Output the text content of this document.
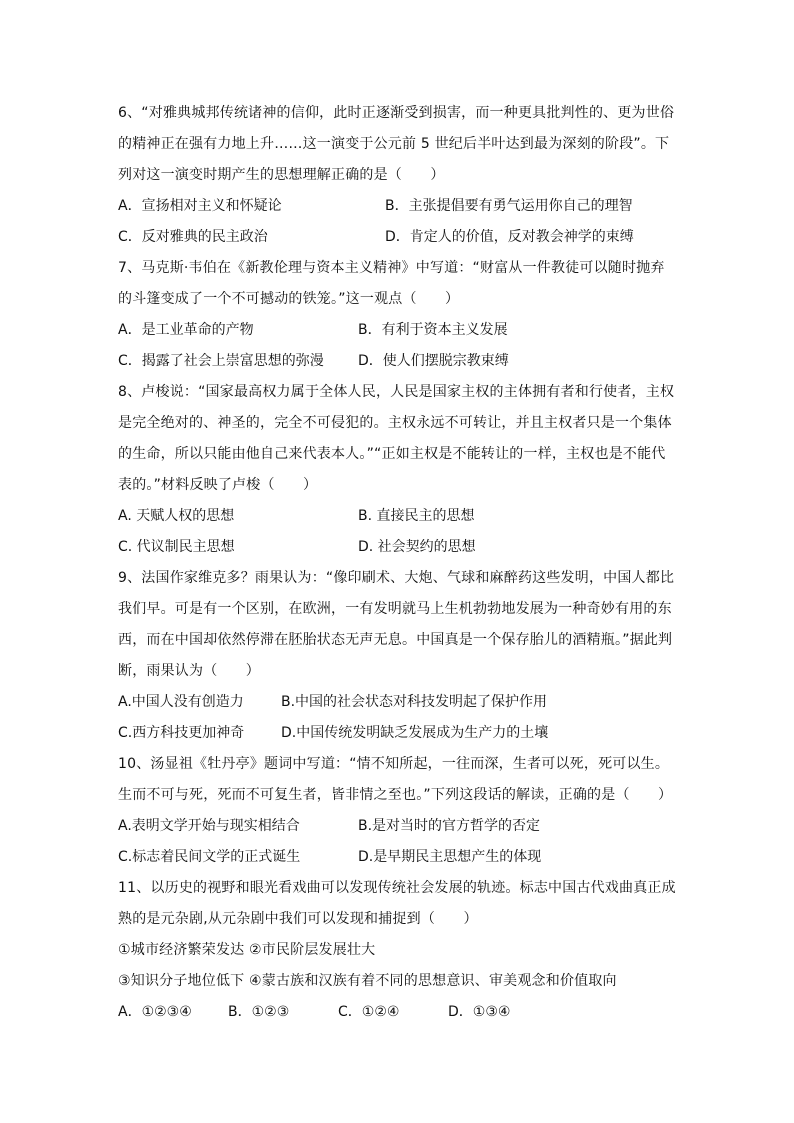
6、“对雅典城邦传统诸神的信仰，此时正逐渐受到损害，而一种更具批判性的、更为世俗的精神正在强有力地上升……这一演变于公元前 5 世纪后半叶达到最为深刻的阶段”。下列对这一演变时期产生的思想理解正确的是（　　）

A．宣扬相对主义和怀疑论	B．主张提倡要有勇气运用你自己的理智
C．反对雅典的民主政治	D．肯定人的价值，反对教会神学的束缚

7、马克斯·韦伯在《新教伦理与资本主义精神》中写道：“财富从一件教徒可以随时抛弃的斗篷变成了一个不可撼动的铁笼。”这一观点（　　）

A．是工业革命的产物	B．有利于资本主义发展
C．揭露了社会上崇富思想的弥漫	D．使人们摆脱宗教束缚

8、卢梭说：“国家最高权力属于全体人民，人民是国家主权的主体拥有者和行使者，主权是完全绝对的、神圣的，完全不可侵犯的。主权永远不可转让，并且主权者只是一个集体的生命，所以只能由他自己来代表本人。”“正如主权是不能转让的一样，主权也是不能代表的。”材料反映了卢梭（　　）

A. 天赋人权的思想	B. 直接民主的思想
C. 代议制民主思想	D. 社会契约的思想

9、法国作家维克多？雨果认为：“像印刷术、大炮、气球和麻醉药这些发明，中国人都比我们早。可是有一个区别，在欧洲，一有发明就马上生机勃勃地发展为一种奇妙有用的东西，而在中国却依然停滞在胚胎状态无声无息。中国真是一个保存胎儿的酒精瓶。”据此判断，雨果认为（　　）

A.中国人没有创造力	B.中国的社会状态对科技发明起了保护作用
C.西方科技更加神奇	D.中国传统发明缺乏发展成为生产力的土壤

10、汤显祖《牡丹亭》题词中写道：“情不知所起，一往而深，生者可以死，死可以生。生而不可与死，死而不可复生者，皆非情之至也。”下列这段话的解读，正确的是（　　）

A.表明文学开始与现实相结合	B.是对当时的官方哲学的否定
C.标志着民间文学的正式诞生	D.是早期民主思想产生的体现

11、以历史的视野和眼光看戏曲可以发现传统社会发展的轨迹。标志中国古代戏曲真正成熟的是元杂剧,从元杂剧中我们可以发现和捕捉到（　　）

①城市经济繁荣发达 ②市民阶层发展壮大

③知识分子地位低下 ④蒙古族和汉族有着不同的思想意识、审美观念和价值取向

A．①②③④	B．①②③	C．①②④	D．①③④
